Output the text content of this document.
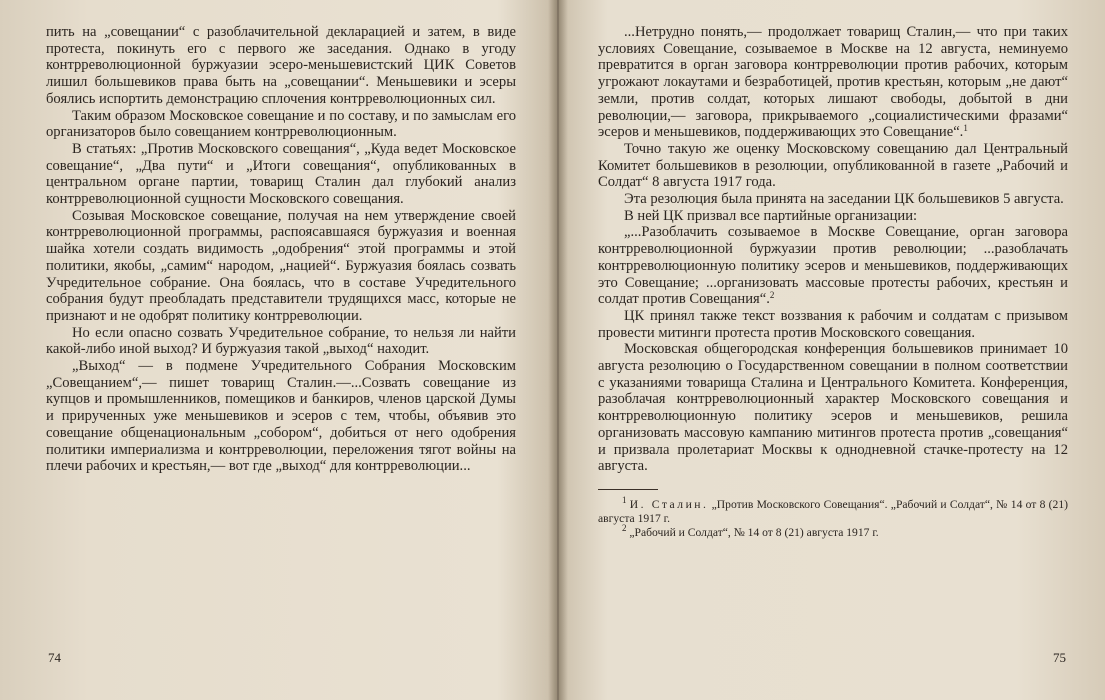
пить на „совещании“ с разоблачительной декларацией и затем, в виде протеста, покинуть его с первого же заседания. Однако в угоду контрреволюционной буржуазии эсеро-меньшевистский ЦИК Советов лишил большевиков права быть на „совещании“. Меньшевики и эсеры боялись испортить демонстрацию сплочения контрреволюционных сил.

Таким образом Московское совещание и по составу, и по замыслам его организаторов было совещанием контрреволюционным.

В статьях: „Против Московского совещания“, „Куда ведет Московское совещание“, „Два пути“ и „Итоги совещания“, опубликованных в центральном органе партии, товарищ Сталин дал глубокий анализ контрреволюционной сущности Московского совещания.

Созывая Московское совещание, получая на нем утверждение своей контрреволюционной программы, распоясавшаяся буржуазия и военная шайка хотели создать видимость „одобрения“ этой программы и этой политики, якобы, „самим“ народом, „нацией“. Буржуазия боялась созвать Учредительное собрание. Она боялась, что в составе Учредительного собрания будут преобладать представители трудящихся масс, которые не признают и не одобрят политику контрреволюции.

Но если опасно созвать Учредительное собрание, то нельзя ли найти какой-либо иной выход? И буржуазия такой „выход“ находит.

„Выход“ — в подмене Учредительного Собрания Московским „Совещанием“,— пишет товарищ Сталин.—...Созвать совещание из купцов и промышленников, помещиков и банкиров, членов царской Думы и прирученных уже меньшевиков и эсеров с тем, чтобы, объявив это совещание общенациональным „собором“, добиться от него одобрения политики империализма и контрреволюции, переложения тягот войны на плечи рабочих и крестьян,— вот где „выход“ для контрреволюции...

...Нетрудно понять,— продолжает товарищ Сталин,— что при таких условиях Совещание, созываемое в Москве на 12 августа, неминуемо превратится в орган заговора контрреволюции против рабочих, которым угрожают локаутами и безработицей, против крестьян, которым „не дают“ земли, против солдат, которых лишают свободы, добытой в дни революции,— заговора, прикрываемого „социалистическими фразами“ эсеров и меньшевиков, поддерживающих это Совещание“.$^1$

Точно такую же оценку Московскому совещанию дал Центральный Комитет большевиков в резолюции, опубликованной в газете „Рабочий и Солдат“ 8 августа 1917 года.

Эта резолюция была принята на заседании ЦК большевиков 5 августа.

В ней ЦК призвал все партийные организации:

„...Разоблачить созываемое в Москве Совещание, орган заговора контрреволюционной буржуазии против революции; ...разоблачать контрреволюционную политику эсеров и меньшевиков, поддерживающих это Совещание; ...организовать массовые протесты рабочих, крестьян и солдат против Совещания“.$^2$

ЦК принял также текст воззвания к рабочим и солдатам с призывом провести митинги протеста против Московского совещания.

Московская общегородская конференция большевиков принимает 10 августа резолюцию о Государственном совещании в полном соответствии с указаниями товарища Сталина и Центрального Комитета. Конференция, разоблачая контрреволюционный характер Московского совещания и контрреволюционную политику эсеров и меньшевиков, решила организовать массовую кампанию митингов протеста против „совещания“ и призвала пролетариат Москвы к однодневной стачке-протесту на 12 августа.

$^1$ И. Сталин. „Против Московского Совещания“. „Рабочий и Солдат“, № 14 от 8 (21) августа 1917 г.

$^2$ „Рабочий и Солдат“, № 14 от 8 (21) августа 1917 г.

74	75
